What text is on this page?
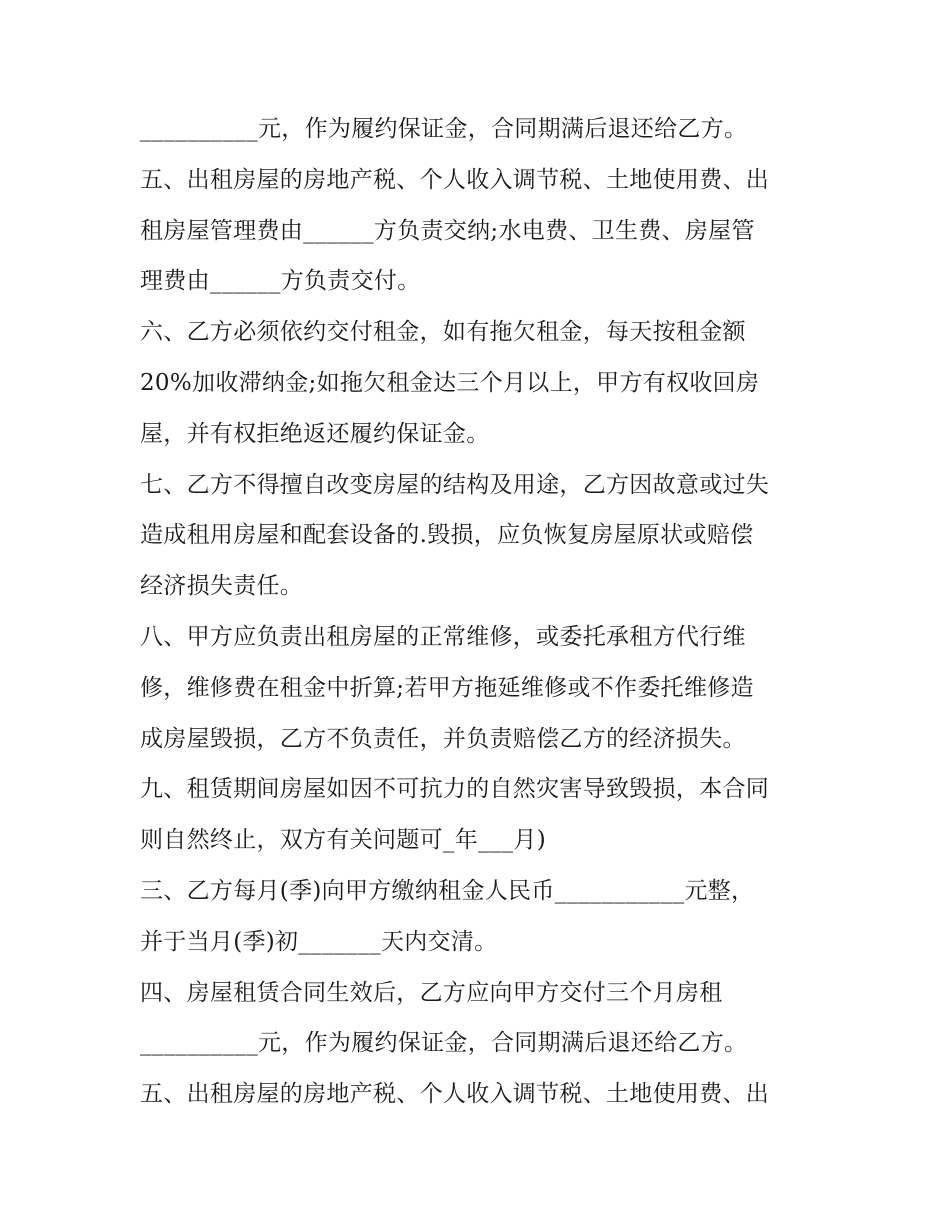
__________元，作为履约保证金，合同期满后退还给乙方。
五、出租房屋的房地产税、个人收入调节税、土地使用费、出
租房屋管理费由______方负责交纳;水电费、卫生费、房屋管
理费由______方负责交付。
六、乙方必须依约交付租金，如有拖欠租金，每天按租金额
20%加收滞纳金;如拖欠租金达三个月以上，甲方有权收回房
屋，并有权拒绝返还履约保证金。
七、乙方不得擅自改变房屋的结构及用途，乙方因故意或过失
造成租用房屋和配套设备的.毁损，应负恢复房屋原状或赔偿
经济损失责任。
八、甲方应负责出租房屋的正常维修，或委托承租方代行维
修，维修费在租金中折算;若甲方拖延维修或不作委托维修造
成房屋毁损，乙方不负责任，并负责赔偿乙方的经济损失。
九、租赁期间房屋如因不可抗力的自然灾害导致毁损，本合同
则自然终止，双方有关问题可_年___月)
三、乙方每月(季)向甲方缴纳租金人民币___________元整，
并于当月(季)初_______天内交清。
四、房屋租赁合同生效后，乙方应向甲方交付三个月房租
__________元，作为履约保证金，合同期满后退还给乙方。
五、出租房屋的房地产税、个人收入调节税、土地使用费、出
